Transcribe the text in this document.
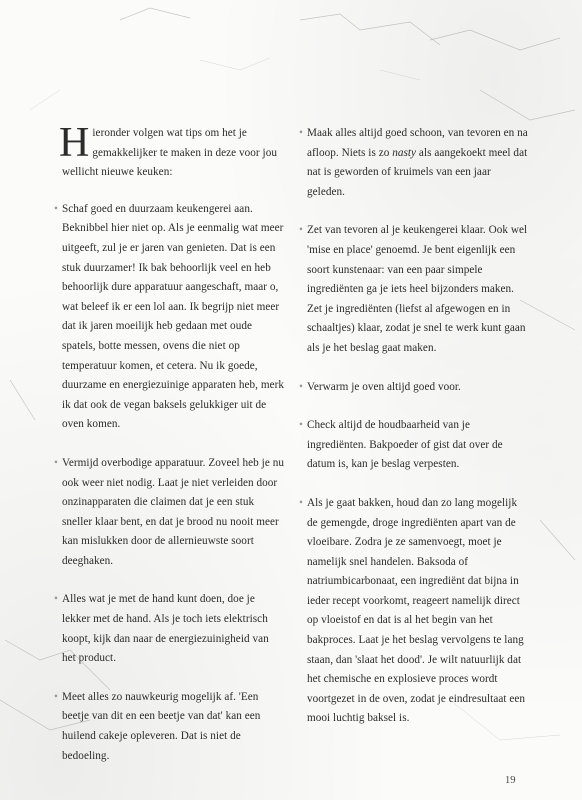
Hieronder volgen wat tips om het je gemakkelijker te maken in deze voor jou wellicht nieuwe keuken:

• Schaf goed en duurzaam keukengerei aan. Beknibbel hier niet op. Als je eenmalig wat meer uitgeeft, zul je er jaren van genieten. Dat is een stuk duurzamer! Ik bak behoorlijk veel en heb behoorlijk dure apparatuur aangeschaft, maar o, wat beleef ik er een lol aan. Ik begrijp niet meer dat ik jaren moeilijk heb gedaan met oude spatels, botte messen, ovens die niet op temperatuur komen, et cetera. Nu ik goede, duurzame en energiezuinige apparaten heb, merk ik dat ook de vegan baksels gelukkiger uit de oven komen.

• Vermijd overbodige apparatuur. Zoveel heb je nu ook weer niet nodig. Laat je niet verleiden door onzinapparaten die claimen dat je een stuk sneller klaar bent, en dat je brood nu nooit meer kan mislukken door de allernieuwste soort deeghaken.

• Alles wat je met de hand kunt doen, doe je lekker met de hand. Als je toch iets elektrisch koopt, kijk dan naar de energiezuinigheid van het product.

• Meet alles zo nauwkeurig mogelijk af. 'Een beetje van dit en een beetje van dat' kan een huilend cakeje opleveren. Dat is niet de bedoeling.

• Maak alles altijd goed schoon, van tevoren en na afloop. Niets is zo nasty als aangekoekt meel dat nat is geworden of kruimels van een jaar geleden.

• Zet van tevoren al je keukengerei klaar. Ook wel 'mise en place' genoemd. Je bent eigenlijk een soort kunstenaar: van een paar simpele ingrediënten ga je iets heel bijzonders maken. Zet je ingrediënten (liefst al afgewogen en in schaaltjes) klaar, zodat je snel te werk kunt gaan als je het beslag gaat maken.

• Verwarm je oven altijd goed voor.

• Check altijd de houdbaarheid van je ingrediënten. Bakpoeder of gist dat over de datum is, kan je beslag verpesten.

• Als je gaat bakken, houd dan zo lang mogelijk de gemengde, droge ingrediënten apart van de vloeibare. Zodra je ze samenvoegt, moet je namelijk snel handelen. Baksoda of natriumbicarbonaat, een ingrediënt dat bijna in ieder recept voorkomt, reageert namelijk direct op vloeistof en dat is al het begin van het bakproces. Laat je het beslag vervolgens te lang staan, dan 'slaat het dood'. Je wilt natuurlijk dat het chemische en explosieve proces wordt voortgezet in de oven, zodat je eindresultaat een mooi luchtig baksel is.

19
